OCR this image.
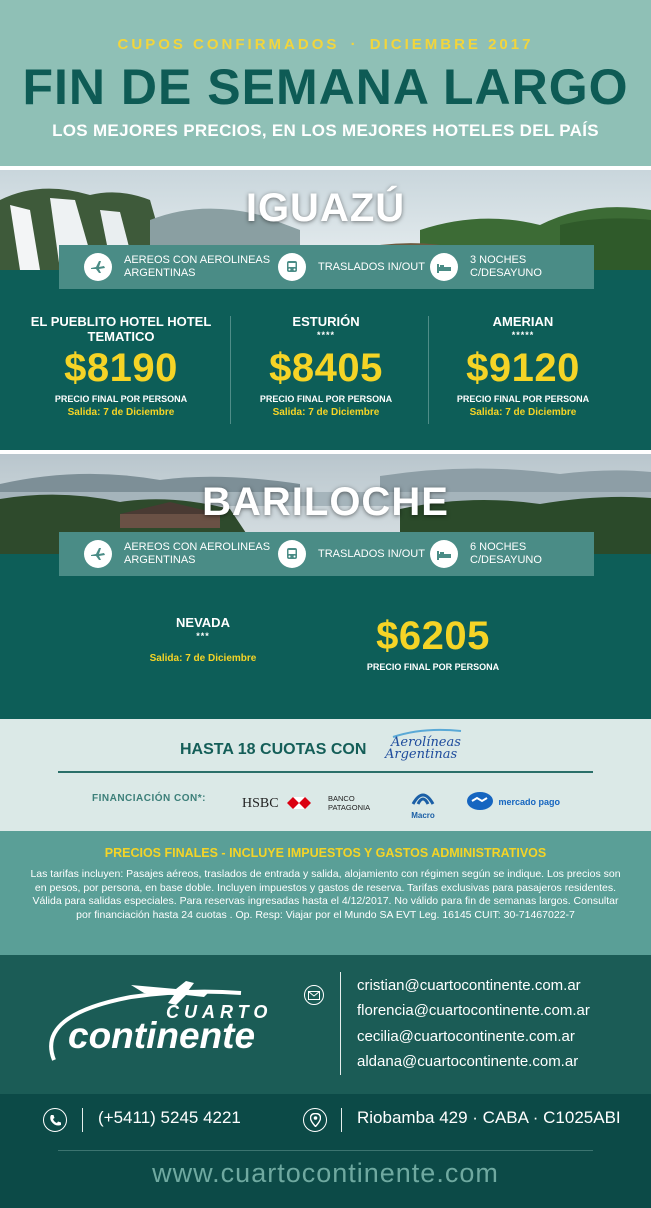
CUPOS CONFIRMADOS · DICIEMBRE 2017
FIN DE SEMANA LARGO
LOS MEJORES PRECIOS, EN LOS MEJORES HOTELES DEL PAÍS
IGUAZÚ
AEREOS CON AEROLINEAS ARGENTINAS
TRASLADOS IN/OUT
3 NOCHES C/DESAYUNO
EL PUEBLITO HOTEL HOTEL TEMATICO
$8190
PRECIO FINAL POR PERSONA
Salida: 7 de Diciembre
ESTURIÓN
****
$8405
PRECIO FINAL POR PERSONA
Salida: 7 de Diciembre
AMERIAN
*****
$9120
PRECIO FINAL POR PERSONA
Salida: 7 de Diciembre
BARILOCHE
AEREOS CON AEROLINEAS ARGENTINAS
TRASLADOS IN/OUT
6 NOCHES C/DESAYUNO
NEVADA
***
Salida: 7 de Diciembre
$6205
PRECIO FINAL POR PERSONA
HASTA 18 CUOTAS CON Aerolíneas
Argentinas
FINANCIACIÓN CON*:	HSBC	BANCO PATAGONIA
Macro
mercado pago
PRECIOS FINALES - INCLUYE IMPUESTOS Y GASTOS ADMINISTRATIVOS
Las tarifas incluyen: Pasajes aéreos, traslados de entrada y salida, alojamiento con régimen según se indique. Los precios son en pesos, por persona, en base doble. Incluyen impuestos y gastos de reserva. Tarifas exclusivas para pasajeros residentes. Válida para salidas especiales. Para reservas ingresadas hasta el 4/12/2017. No válido para fin de semanas largos. Consultar por financiación hasta 24 cuotas . Op. Resp: Viajar por el Mundo SA EVT Leg. 16145 CUIT: 30-71467022-7
CUARTO
continente
cristian@cuartocontinente.com.ar
florencia@cuartocontinente.com.ar
cecilia@cuartocontinente.com.ar
aldana@cuartocontinente.com.ar
(+5411) 5245 4221	Riobamba 429 · CABA · C1025ABI
www.cuartocontinente.com
